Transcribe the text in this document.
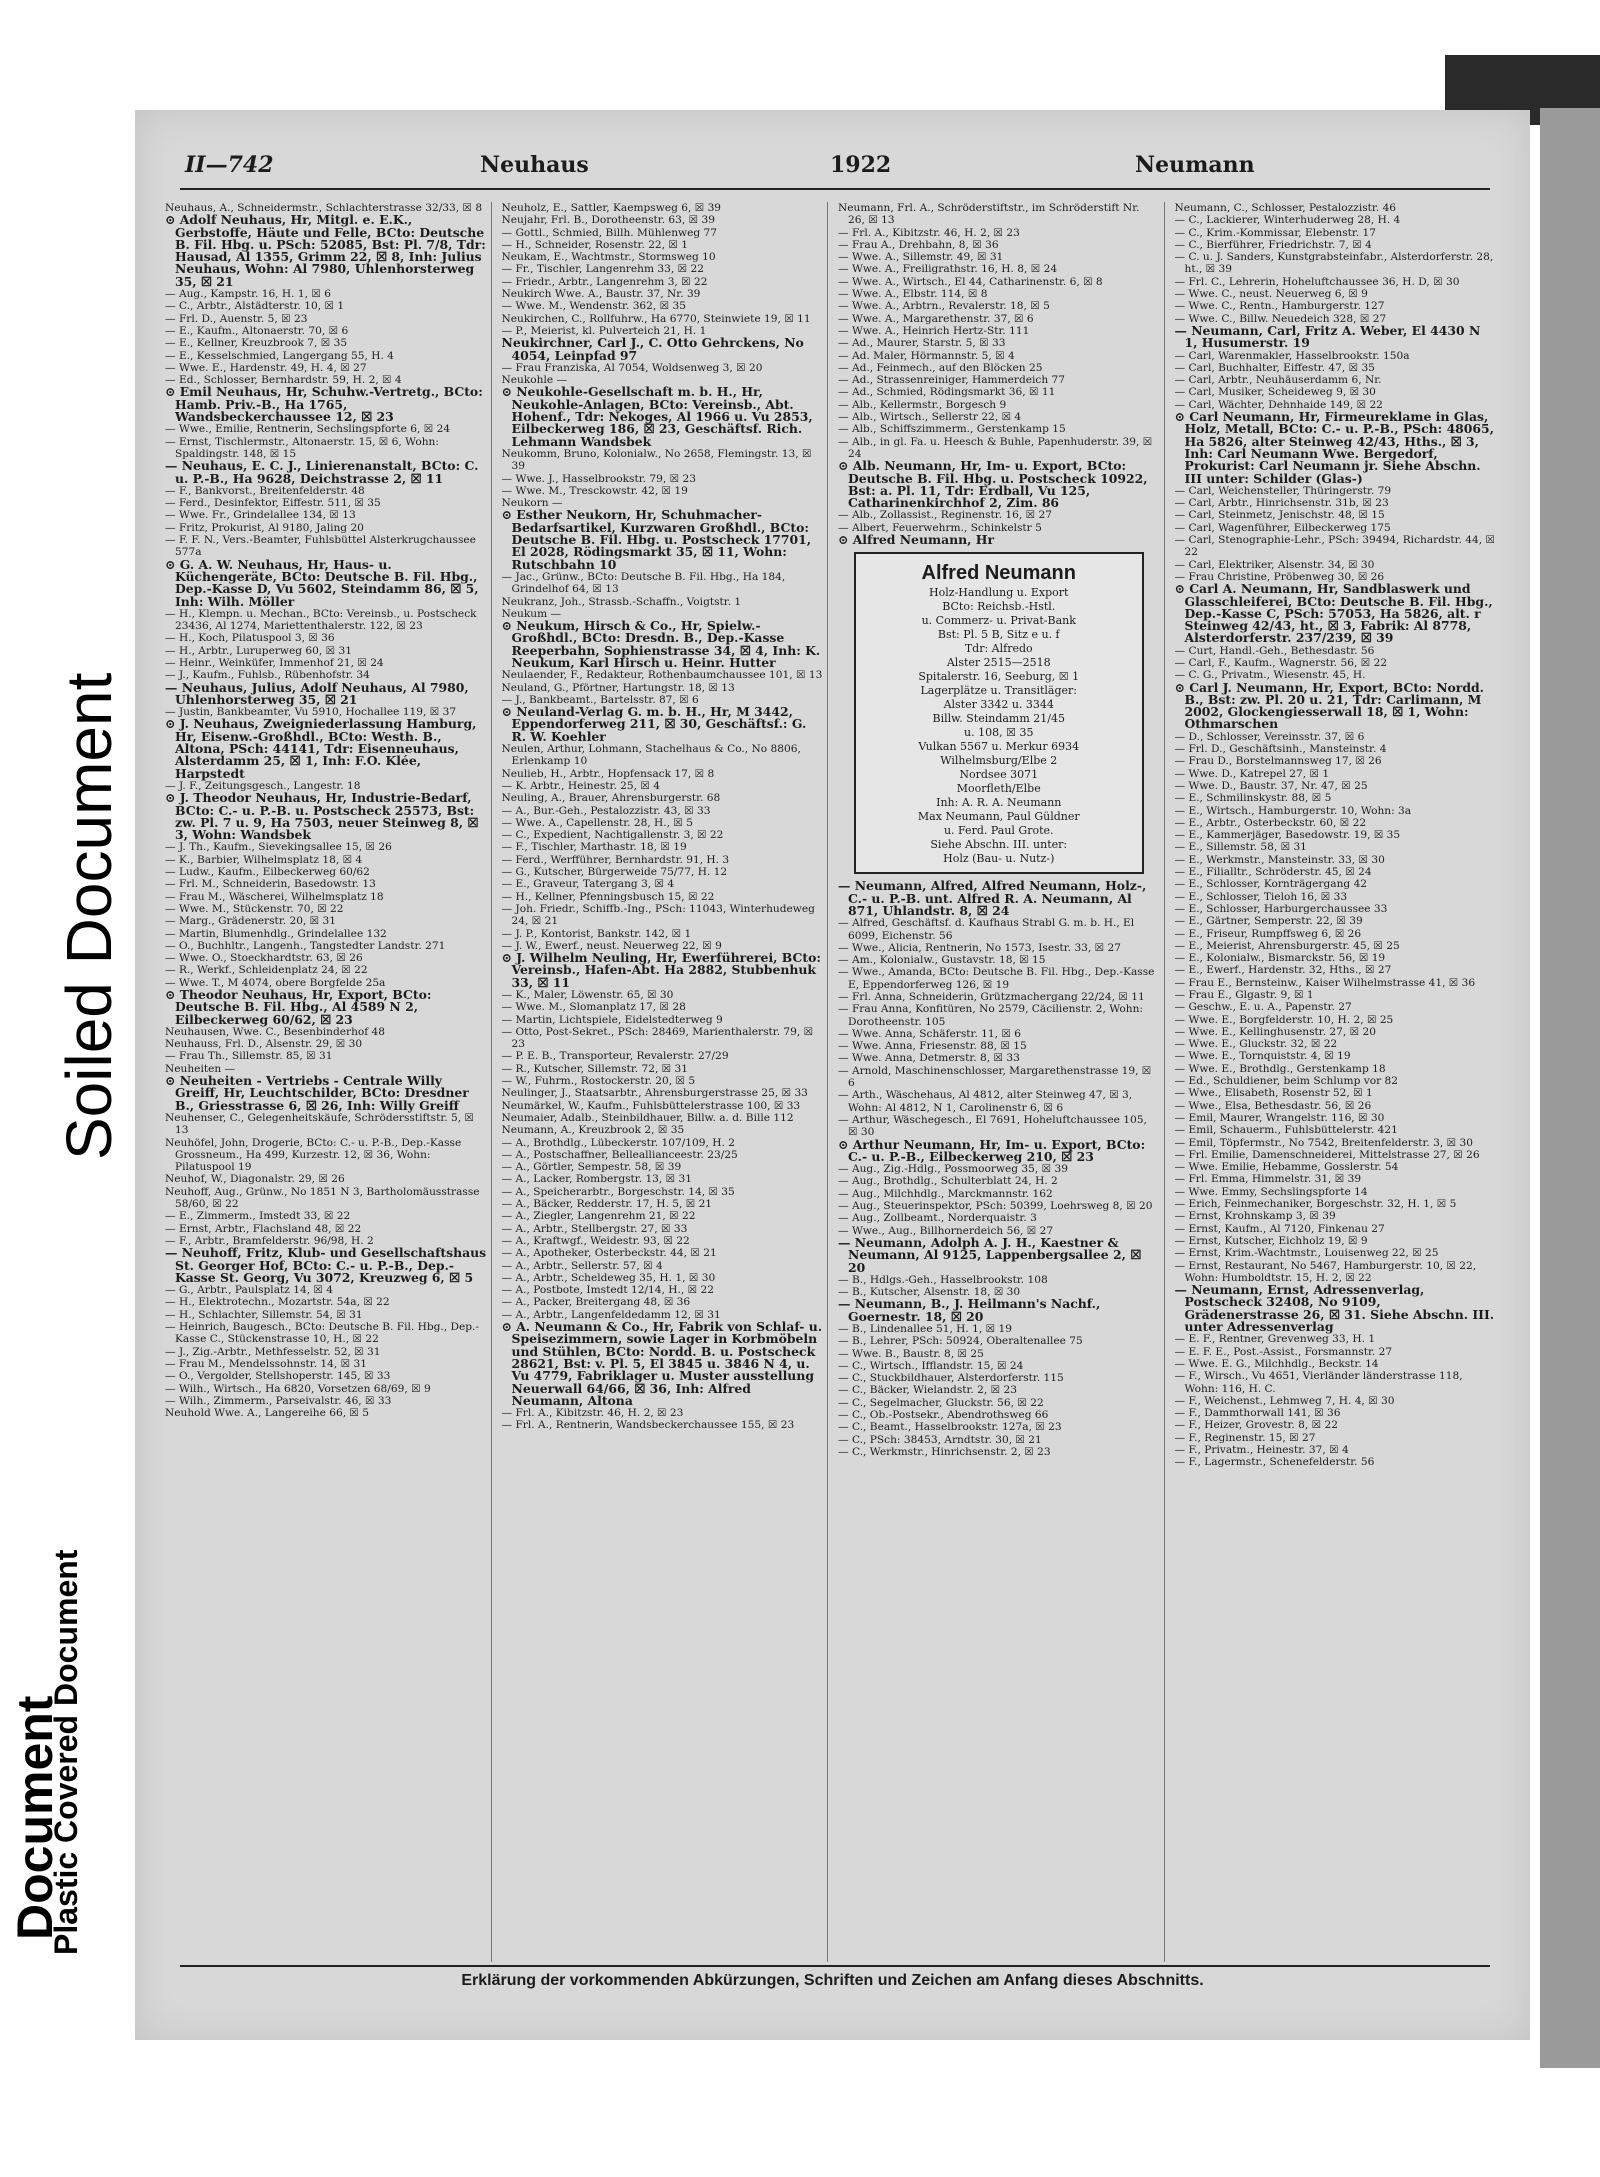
Document
Soiled Document
Plastic Covered Document
II—742	Neuhaus	1922	Neumann
Neuhaus, A., Schneidermstr., Schlachterstrasse 32/33, ☒ 8
⊙ Adolf Neuhaus, Hr, Mitgl. e. E.K., Gerbstoffe, Häute und Felle, BCto: Deutsche B. Fil. Hbg. u. PSch: 52085, Bst: Pl. 7/8, Tdr: Hausad, Al 1355, Grimm 22, ☒ 8, Inh: Julius Neuhaus, Wohn: Al 7980, Uhlenhorsterweg 35, ☒ 21
— Aug., Kampstr. 16, H. 1, ☒ 6
— C., Arbtr., Alstädterstr. 10, ☒ 1
— Frl. D., Auenstr. 5, ☒ 23
— E., Kaufm., Altonaerstr. 70, ☒ 6
— E., Kellner, Kreuzbrook 7, ☒ 35
— E., Kesselschmied, Langergang 55, H. 4
— Wwe. E., Hardenstr. 49, H. 4, ☒ 27
— Ed., Schlosser, Bernhardstr. 59, H. 2, ☒ 4
⊙ Emil Neuhaus, Hr, Schuhw.-Vertretg., BCto: Hamb. Priv.-B., Ha 1765, Wandsbeckerchaussee 12, ☒ 23
— Wwe., Emilie, Rentnerin, Sechslingspforte 6, ☒ 24
— Ernst, Tischlermstr., Altonaerstr. 15, ☒ 6, Wohn: Spaldingstr. 148, ☒ 15
— Neuhaus, E. C. J., Linierenanstalt, BCto: C. u. P.-B., Ha 9628, Deichstrasse 2, ☒ 11
— F., Bankvorst., Breitenfelderstr. 48
— Ferd., Desinfektor, Eiffestr. 511, ☒ 35
— Wwe. Fr., Grindelallee 134, ☒ 13
— Fritz, Prokurist, Al 9180, Jaling 20
— F. F. N., Vers.-Beamter, Fuhlsbüttel Alsterkrugchaussee 577a
⊙ G. A. W. Neuhaus, Hr, Haus- u. Küchengeräte, BCto: Deutsche B. Fil. Hbg., Dep.-Kasse D, Vu 5602, Steindamm 86, ☒ 5, Inh: Wilh. Möller
— H., Klempn. u. Mechan., BCto: Vereinsb., u. Postscheck 23436, Al 1274, Mariettenthalerstr. 122, ☒ 23
— H., Koch, Pilatuspool 3, ☒ 36
— H., Arbtr., Luruperweg 60, ☒ 31
— Heinr., Weinküfer, Immenhof 21, ☒ 24
— J., Kaufm., Fuhlsb., Rübenhofstr. 34
— Neuhaus, Julius, Adolf Neuhaus, Al 7980, Uhlenhorsterweg 35, ☒ 21
— Justin, Bankbeamter, Vu 5910, Hochallee 119, ☒ 37
⊙ J. Neuhaus, Zweigniederlassung Hamburg, Hr, Eisenw.-Großhdl., BCto: Westh. B., Altona, PSch: 44141, Tdr: Eisenneuhaus, Alsterdamm 25, ☒ 1, Inh: F.O. Klée, Harpstedt
— J. F., Zeitungsgesch., Langestr. 18
⊙ J. Theodor Neuhaus, Hr, Industrie-Bedarf, BCto: C.- u. P.-B. u. Postscheck 25573, Bst: zw. Pl. 7 u. 9, Ha 7503, neuer Steinweg 8, ☒ 3, Wohn: Wandsbek
— J. Th., Kaufm., Sievekingsallee 15, ☒ 26
— K., Barbier, Wilhelmsplatz 18, ☒ 4
— Ludw., Kaufm., Eilbeckerweg 60/62
— Frl. M., Schneiderin, Basedowstr. 13
— Frau M., Wäscherei, Wilhelmsplatz 18
— Wwe. M., Stückenstr. 70, ☒ 22
— Marg., Grädenerstr. 20, ☒ 31
— Martin, Blumenhdlg., Grindelallee 132
— O., Buchhltr., Langenh., Tangstedter Landstr. 271
— Wwe. O., Stoeckhardtstr. 63, ☒ 26
— R., Werkf., Schleidenplatz 24, ☒ 22
— Wwe. T., M 4074, obere Borgfelde 25a
⊙ Theodor Neuhaus, Hr, Export, BCto: Deutsche B. Fil. Hbg., Al 4589 N 2, Eilbeckerweg 60/62, ☒ 23
Neuhausen, Wwe. C., Besenbinderhof 48
Neuhauss, Frl. D., Alsenstr. 29, ☒ 30
— Frau Th., Sillemstr. 85, ☒ 31
Neuheiten —
⊙ Neuheiten - Vertriebs - Centrale Willy Greiff, Hr, Leuchtschilder, BCto: Dresdner B., Griesstrasse 6, ☒ 26, Inh: Willy Greiff
Neuhenser, C., Gelegenheitskäufe, Schrödersstiftstr. 5, ☒ 13
Neuhöfel, John, Drogerie, BCto: C.- u. P.-B., Dep.-Kasse Grossneum., Ha 499, Kurzestr. 12, ☒ 36, Wohn: Pilatuspool 19
Neuhof, W., Diagonalstr. 29, ☒ 26
Neuhoff, Aug., Grünw., No 1851 N 3, Bartholomäusstrasse 58/60, ☒ 22
— E., Zimmerm., Imstedt 33, ☒ 22
— Ernst, Arbtr., Flachsland 48, ☒ 22
— F., Arbtr., Bramfelderstr. 96/98, H. 2
— Neuhoff, Fritz, Klub- und Gesellschaftshaus St. Georger Hof, BCto: C.- u. P.-B., Dep.-Kasse St. Georg, Vu 3072, Kreuzweg 6, ☒ 5
— G., Arbtr., Paulsplatz 14, ☒ 4
— H., Elektrotechn., Mozartstr. 54a, ☒ 22
— H., Schlachter, Sillemstr. 54, ☒ 31
— Heinrich, Baugesch., BCto: Deutsche B. Fil. Hbg., Dep.-Kasse C., Stückenstrasse 10, H., ☒ 22
— J., Zig.-Arbtr., Methfesselstr. 52, ☒ 31
— Frau M., Mendelssohnstr. 14, ☒ 31
— O., Vergolder, Stellshoperstr. 145, ☒ 33
— Wilh., Wirtsch., Ha 6820, Vorsetzen 68/69, ☒ 9
— Wilh., Zimmerm., Parseivalstr. 46, ☒ 33
Neuhold Wwe. A., Langereihe 66, ☒ 5
Neuholz, E., Sattler, Kaempsweg 6, ☒ 39
Neujahr, Frl. B., Dorotheenstr. 63, ☒ 39
— Gottl., Schmied, Billh. Mühlenweg 77
— H., Schneider, Rosenstr. 22, ☒ 1
Neukam, E., Wachtmstr., Stormsweg 10
— Fr., Tischler, Langenrehm 33, ☒ 22
— Friedr., Arbtr., Langenrehm 3, ☒ 22
Neukirch Wwe. A., Baustr. 37, Nr. 39
— Wwe. M., Wendenstr. 362, ☒ 35
Neukirchen, C., Rollfuhrw., Ha 6770, Steinwiete 19, ☒ 11
— P., Meierist, kl. Pulverteich 21, H. 1
Neukirchner, Carl J., C. Otto Gehrckens, No 4054, Leinpfad 97
— Frau Franziska, Al 7054, Woldsenweg 3, ☒ 20
Neukohle —
⊙ Neukohle-Gesellschaft m. b. H., Hr, Neukohle-Anlagen, BCto: Vereinsb., Abt. Hohenf., Tdr: Nekoges, Al 1966 u. Vu 2853, Eilbeckerweg 186, ☒ 23, Geschäftsf. Rich. Lehmann Wandsbek
Neukomm, Bruno, Kolonialw., No 2658, Flemingstr. 13, ☒ 39
— Wwe. J., Hasselbrookstr. 79, ☒ 23
— Wwe. M., Tresckowstr. 42, ☒ 19
Neukorn —
⊙ Esther Neukorn, Hr, Schuhmacher-Bedarfsartikel, Kurzwaren Großhdl., BCto: Deutsche B. Fil. Hbg. u. Postscheck 17701, El 2028, Rödingsmarkt 35, ☒ 11, Wohn: Rutschbahn 10
— Jac., Grünw., BCto: Deutsche B. Fil. Hbg., Ha 184, Grindelhof 64, ☒ 13
Neukranz, Joh., Strassb.-Schaffn., Voigtstr. 1
Neukum —
⊙ Neukum, Hirsch & Co., Hr, Spielw.-Großhdl., BCto: Dresdn. B., Dep.-Kasse Reeperbahn, Sophienstrasse 34, ☒ 4, Inh: K. Neukum, Karl Hirsch u. Heinr. Hutter
Neulaender, F., Redakteur, Rothenbaumchaussee 101, ☒ 13
Neuland, G., Pförtner, Hartungstr. 18, ☒ 13
— J., Bankbeamt., Bartelsstr. 87, ☒ 6
⊙ Neuland-Verlag G. m. b. H., Hr, M 3442, Eppendorferweg 211, ☒ 30, Geschäftsf.: G. R. W. Koehler
Neulen, Arthur, Lohmann, Stachelhaus & Co., No 8806, Erlenkamp 10
Neulieb, H., Arbtr., Hopfensack 17, ☒ 8
— K. Arbtr., Heinestr. 25, ☒ 4
Neuling, A., Brauer, Ahrensburgerstr. 68
— A., Bur.-Geh., Pestalozzistr. 43, ☒ 33
— Wwe. A., Capellenstr. 28, H., ☒ 5
— C., Expedient, Nachtigallenstr. 3, ☒ 22
— F., Tischler, Marthastr. 18, ☒ 19
— Ferd., Werfführer, Bernhardstr. 91, H. 3
— G., Kutscher, Bürgerweide 75/77, H. 12
— E., Graveur, Tatergang 3, ☒ 4
— H., Kellner, Pfenningsbusch 15, ☒ 22
— Joh. Friedr., Schiffb.-Ing., PSch: 11043, Winterhudeweg 24, ☒ 21
— J. P., Kontorist, Bankstr. 142, ☒ 1
— J. W., Ewerf., neust. Neuerweg 22, ☒ 9
⊙ J. Wilhelm Neuling, Hr, Ewerführerei, BCto: Vereinsb., Hafen-Abt. Ha 2882, Stubbenhuk 33, ☒ 11
— K., Maler, Löwenstr. 65, ☒ 30
— Wwe. M., Slomanplatz 17, ☒ 28
— Martin, Lichtspiele, Eidelstedterweg 9
— Otto, Post-Sekret., PSch: 28469, Marienthalerstr. 79, ☒ 23
— P. E. B., Transporteur, Revalerstr. 27/29
— R., Kutscher, Sillemstr. 72, ☒ 31
— W., Fuhrm., Rostockerstr. 20, ☒ 5
Neulinger, J., Staatsarbtr., Ahrensburgerstrasse 25, ☒ 33
Neumärkel, W., Kaufm., Fuhlsbüttelerstrasse 100, ☒ 33
Neumaier, Adalb., Steinbildhauer, Billw. a. d. Bille 112
Neumann, A., Kreuzbrook 2, ☒ 35
— A., Brothdlg., Lübeckerstr. 107/109, H. 2
— A., Postschaffner, Belleallianceestr. 23/25
— A., Görtler, Sempestr. 58, ☒ 39
— A., Lacker, Rombergstr. 13, ☒ 31
— A., Speicherarbtr., Borgeschstr. 14, ☒ 35
— A., Bäcker, Redderstr. 17, H. 5, ☒ 21
— A., Ziegler, Langenrehm 21, ☒ 22
— A., Arbtr., Stellbergstr. 27, ☒ 33
— A., Kraftwgf., Weidestr. 93, ☒ 22
— A., Apotheker, Osterbeckstr. 44, ☒ 21
— A., Arbtr., Sellerstr. 57, ☒ 4
— A., Arbtr., Scheldeweg 35, H. 1, ☒ 30
— A., Postbote, Imstedt 12/14, H., ☒ 22
— A., Packer, Breitergang 48, ☒ 36
— A., Arbtr., Langenfeldedamm 12, ☒ 31
⊙ A. Neumann & Co., Hr, Fabrik von Schlaf- u. Speisezimmern, sowie Lager in Korbmöbeln und Stühlen, BCto: Nordd. B. u. Postscheck 28621, Bst: v. Pl. 5, El 3845 u. 3846 N 4, u. Vu 4779, Fabriklager u. Muster ausstellung Neuerwall 64/66, ☒ 36, Inh: Alfred Neumann, Altona
— Frl. A., Kibitzstr. 46, H. 2, ☒ 23
— Frl. A., Rentnerin, Wandsbeckerchaussee 155, ☒ 23
Neumann, Frl. A., Schröderstiftstr., im Schröderstift Nr. 26, ☒ 13
— Frl. A., Kibitzstr. 46, H. 2, ☒ 23
— Frau A., Drehbahn, 8, ☒ 36
— Wwe. A., Sillemstr. 49, ☒ 31
— Wwe. A., Freiligrathstr. 16, H. 8, ☒ 24
— Wwe. A., Wirtsch., El 44, Catharinenstr. 6, ☒ 8
— Wwe. A., Elbstr. 114, ☒ 8
— Wwe. A., Arbtrn., Revalerstr. 18, ☒ 5
— Wwe. A., Margarethenstr. 37, ☒ 6
— Wwe. A., Heinrich Hertz-Str. 111
— Ad., Maurer, Starstr. 5, ☒ 33
— Ad. Maler, Hörmannstr. 5, ☒ 4
— Ad., Feinmech., auf den Blöcken 25
— Ad., Strassenreiniger, Hammerdeich 77
— Ad., Schmied, Rödingsmarkt 36, ☒ 11
— Alb., Kellermstr., Borgesch 9
— Alb., Wirtsch., Sellerstr 22, ☒ 4
— Alb., Schiffszimmerm., Gerstenkamp 15
— Alb., in gl. Fa. u. Heesch & Buhle, Papenhuderstr. 39, ☒ 24
⊙ Alb. Neumann, Hr, Im- u. Export, BCto: Deutsche B. Fil. Hbg. u. Postscheck 10922, Bst: a. Pl. 11, Tdr: Erdball, Vu 125, Catharinenkirchhof 2, Zim. 86
— Alb., Zollassist., Reginenstr. 16, ☒ 27
— Albert, Feuerwehrm., Schinkelstr 5
⊙ Alfred Neumann, Hr
Alfred Neumann
Holz-Handlung u. Export
BCto: Reichsb.-Hstl.
u. Commerz- u. Privat-Bank
Bst: Pl. 5 B, Sitz e u. f
Tdr: Alfredo
Alster 2515—2518
Spitalerstr. 16, Seeburg, ☒ 1
Lagerplätze u. Transitläger:
Alster 3342 u. 3344
Billw. Steindamm 21/45
u. 108, ☒ 35
Vulkan 5567 u. Merkur 6934
Wilhelmsburg/Elbe 2
Nordsee 3071
Moorfleth/Elbe
Inh: A. R. A. Neumann
Max Neumann, Paul Güldner
u. Ferd. Paul Grote.
Siehe Abschn. III. unter:
Holz (Bau- u. Nutz-)
— Neumann, Alfred, Alfred Neumann, Holz-, C.- u. P.-B. unt. Alfred R. A. Neumann, Al 871, Uhlandstr. 8, ☒ 24
— Alfred, Geschäftsf. d. Kaufhaus Strabl G. m. b. H., El 6099, Eichenstr. 56
— Wwe., Alicia, Rentnerin, No 1573, Isestr. 33, ☒ 27
— Am., Kolonialw., Gustavstr. 18, ☒ 15
— Wwe., Amanda, BCto: Deutsche B. Fil. Hbg., Dep.-Kasse E, Eppendorferweg 126, ☒ 19
— Frl. Anna, Schneiderin, Grützmachergang 22/24, ☒ 11
— Frau Anna, Konfitüren, No 2579, Cäcilienstr. 2, Wohn: Dorotheenstr. 105
— Wwe. Anna, Schäferstr. 11, ☒ 6
— Wwe. Anna, Friesenstr. 88, ☒ 15
— Wwe. Anna, Detmerstr. 8, ☒ 33
— Arnold, Maschinenschlosser, Margarethenstrasse 19, ☒ 6
— Arth., Wäschehaus, Al 4812, alter Steinweg 47, ☒ 3, Wohn: Al 4812, N 1, Carolinenstr 6, ☒ 6
— Arthur, Wäschegesch., El 7691, Hoheluftchaussee 105, ☒ 30
⊙ Arthur Neumann, Hr, Im- u. Export, BCto: C.- u. P.-B., Eilbeckerweg 210, ☒ 23
— Aug., Zig.-Hdlg., Possmoorweg 35, ☒ 39
— Aug., Brothdlg., Schulterblatt 24, H. 2
— Aug., Milchhdlg., Marckmannstr. 162
— Aug., Steuerinspektor, PSch: 50399, Loehrsweg 8, ☒ 20
— Aug., Zollbeamt., Norderquaistr. 3
— Wwe., Aug., Billhornerdeich 56, ☒ 27
— Neumann, Adolph A. J. H., Kaestner & Neumann, Al 9125, Lappenbergsallee 2, ☒ 20
— B., Hdlgs.-Geh., Hasselbrookstr. 108
— B., Kutscher, Alsenstr. 18, ☒ 30
— Neumann, B., J. Heilmann's Nachf., Goernestr. 18, ☒ 20
— B., Lindenallee 51, H. 1, ☒ 19
— B., Lehrer, PSch: 50924, Oberaltenallee 75
— Wwe. B., Baustr. 8, ☒ 25
— C., Wirtsch., Ifflandstr. 15, ☒ 24
— C., Stuckbildhauer, Alsterdorferstr. 115
— C., Bäcker, Wielandstr. 2, ☒ 23
— C., Segelmacher, Gluckstr. 56, ☒ 22
— C., Ob.-Postsekr., Abendrothsweg 66
— C., Beamt., Hasselbrookstr. 127a, ☒ 23
— C., PSch: 38453, Arndtstr. 30, ☒ 21
— C., Werkmstr., Hinrichsenstr. 2, ☒ 23
Neumann, C., Schlosser, Pestalozzistr. 46
— C., Lackierer, Winterhuderweg 28, H. 4
— C., Krim.-Kommissar, Elebenstr. 17
— C., Bierführer, Friedrichstr. 7, ☒ 4
— C. u. J. Sanders, Kunstgrabsteinfabr., Alsterdorferstr. 28, ht., ☒ 39
— Frl. C., Lehrerin, Hoheluftchaussee 36, H. D, ☒ 30
— Wwe. C., neust. Neuerweg 6, ☒ 9
— Wwe. C., Rentn., Hamburgerstr. 127
— Wwe. C., Billw. Neuedeich 328, ☒ 27
— Neumann, Carl, Fritz A. Weber, El 4430 N 1, Husumerstr. 19
— Carl, Warenmakler, Hasselbrookstr. 150a
— Carl, Buchhalter, Eiffestr. 47, ☒ 35
— Carl, Arbtr., Neuhäuserdamm 6, Nr.
— Carl, Musiker, Scheideweg 9, ☒ 30
— Carl, Wächter, Dehnhaide 149, ☒ 22
⊙ Carl Neumann, Hr, Firmeureklame in Glas, Holz, Metall, BCto: C.- u. P.-B., PSch: 48065, Ha 5826, alter Steinweg 42/43, Hths., ☒ 3, Inh: Carl Neumann Wwe. Bergedorf, Prokurist: Carl Neumann jr. Siehe Abschn. III unter: Schilder (Glas-)
— Carl, Weichensteller, Thüringerstr. 79
— Carl, Arbtr., Hinrichsenstr. 31b, ☒ 23
— Carl, Steinmetz, Jenischstr. 48, ☒ 15
— Carl, Wagenführer, Eilbeckerweg 175
— Carl, Stenographie-Lehr., PSch: 39494, Richardstr. 44, ☒ 22
— Carl, Elektriker, Alsenstr. 34, ☒ 30
— Frau Christine, Pröbenweg 30, ☒ 26
⊙ Carl A. Neumann, Hr, Sandblaswerk und Glasschleiferei, BCto: Deutsche B. Fil. Hbg., Dep.-Kasse C, PSch: 57053, Ha 5826, alt. r Steinweg 42/43, ht., ☒ 3, Fabrik: Al 8778, Alsterdorferstr. 237/239, ☒ 39
— Curt, Handl.-Geh., Bethesdastr. 56
— Carl, F., Kaufm., Wagnerstr. 56, ☒ 22
— C. G., Privatm., Wiesenstr. 45, H.
⊙ Carl J. Neumann, Hr, Export, BCto: Nordd. B., Bst: zw. Pl. 20 u. 21, Tdr: Carlimann, M 2002, Glockengiesserwall 18, ☒ 1, Wohn: Othmarschen
— D., Schlosser, Vereinsstr. 37, ☒ 6
— Frl. D., Geschäftsinh., Mansteinstr. 4
— Frau D., Borstelmannsweg 17, ☒ 26
— Wwe. D., Katrepel 27, ☒ 1
— Wwe. D., Baustr. 37, Nr. 47, ☒ 25
— E., Schmilinskystr. 88, ☒ 5
— E., Wirtsch., Hamburgerstr. 10, Wohn: 3a
— E., Arbtr., Osterbeckstr. 60, ☒ 22
— E., Kammerjäger, Basedowstr. 19, ☒ 35
— E., Sillemstr. 58, ☒ 31
— E., Werkmstr., Mansteinstr. 33, ☒ 30
— E., Filialltr., Schröderstr. 45, ☒ 24
— E., Schlosser, Kornträgergang 42
— E., Schlosser, Tieloh 16, ☒ 33
— E., Schlosser, Harburgerchaussee 33
— E., Gärtner, Semperstr. 22, ☒ 39
— E., Friseur, Rumpffsweg 6, ☒ 26
— E., Meierist, Ahrensburgerstr. 45, ☒ 25
— E., Kolonialw., Bismarckstr. 56, ☒ 19
— E., Ewerf., Hardenstr. 32, Hths., ☒ 27
— Frau E., Bernsteinw., Kaiser Wilhelmstrasse 41, ☒ 36
— Frau E., Glgastr. 9, ☒ 1
— Geschw., E. u. A., Papenstr. 27
— Wwe. E., Borgfelderstr. 10, H. 2, ☒ 25
— Wwe. E., Kellinghusenstr. 27, ☒ 20
— Wwe. E., Gluckstr. 32, ☒ 22
— Wwe. E., Tornquiststr. 4, ☒ 19
— Wwe. E., Brothdlg., Gerstenkamp 18
— Ed., Schuldiener, beim Schlump vor 82
— Wwe., Elisabeth, Rosenstr 52, ☒ 1
— Wwe., Elsa, Bethesdastr. 56, ☒ 26
— Emil, Maurer, Wrangelstr. 116, ☒ 30
— Emil, Schauerm., Fuhlsbüttelerstr. 421
— Emil, Töpfermstr., No 7542, Breitenfelderstr. 3, ☒ 30
— Frl. Emilie, Damenschneiderei, Mittelstrasse 27, ☒ 26
— Wwe. Emilie, Hebamme, Gosslerstr. 54
— Frl. Emma, Himmelstr. 31, ☒ 39
— Wwe. Emmy, Sechslingspforte 14
— Erich, Feinmechaniker, Borgeschstr. 32, H. 1, ☒ 5
— Ernst, Krohnskamp 3, ☒ 39
— Ernst, Kaufm., Al 7120, Finkenau 27
— Ernst, Kutscher, Eichholz 19, ☒ 9
— Ernst, Krim.-Wachtmstr., Louisenweg 22, ☒ 25
— Ernst, Restaurant, No 5467, Hamburgerstr. 10, ☒ 22, Wohn: Humboldtstr. 15, H. 2, ☒ 22
— Neumann, Ernst, Adressenverlag, Postscheck 32408, No 9109, Grädenerstrasse 26, ☒ 31. Siehe Abschn. III. unter Adressenverlag
— E. F., Rentner, Grevenweg 33, H. 1
— E. F. E., Post.-Assist., Forsmannstr. 27
— Wwe. E. G., Milchhdlg., Beckstr. 14
— F., Wirsch., Vu 4651, Vierländer länderstrasse 118, Wohn: 116, H. C.
— F., Weichenst., Lehmweg 7, H. 4, ☒ 30
— F., Dammthorwall 141, ☒ 36
— F., Heizer, Grovestr. 8, ☒ 22
— F., Reginenstr. 15, ☒ 27
— F., Privatm., Heinestr. 37, ☒ 4
— F., Lagermstr., Schenefelderstr. 56
Erklärung der vorkommenden Abkürzungen, Schriften und Zeichen am Anfang dieses Abschnitts.
